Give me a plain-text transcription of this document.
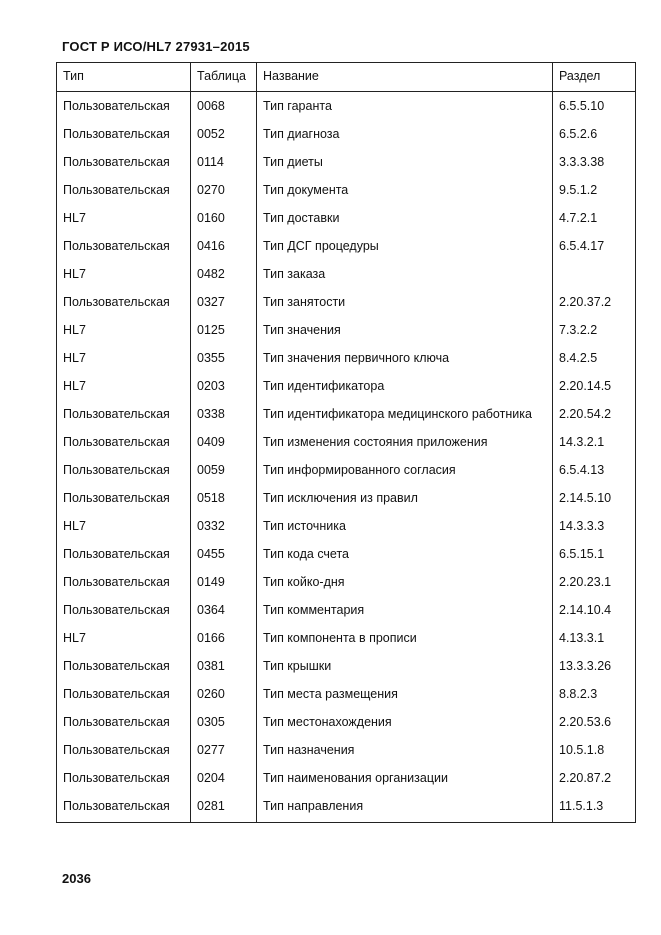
ГОСТ Р ИСО/HL7 27931–2015
Тип	Таблица	Название	Раздел
Пользовательская	0068	Тип гаранта	6.5.5.10
Пользовательская	0052	Тип диагноза	6.5.2.6
Пользовательская	0114	Тип диеты	3.3.3.38
Пользовательская	0270	Тип документа	9.5.1.2
HL7	0160	Тип доставки	4.7.2.1
Пользовательская	0416	Тип ДСГ процедуры	6.5.4.17
HL7	0482	Тип заказа	
Пользовательская	0327	Тип занятости	2.20.37.2
HL7	0125	Тип значения	7.3.2.2
HL7	0355	Тип значения первичного ключа	8.4.2.5
HL7	0203	Тип идентификатора	2.20.14.5
Пользовательская	0338	Тип идентификатора медицинского работника	2.20.54.2
Пользовательская	0409	Тип изменения состояния приложения	14.3.2.1
Пользовательская	0059	Тип информированного согласия	6.5.4.13
Пользовательская	0518	Тип исключения из правил	2.14.5.10
HL7	0332	Тип источника	14.3.3.3
Пользовательская	0455	Тип кода счета	6.5.15.1
Пользовательская	0149	Тип койко-дня	2.20.23.1
Пользовательская	0364	Тип комментария	2.14.10.4
HL7	0166	Тип компонента в прописи	4.13.3.1
Пользовательская	0381	Тип крышки	13.3.3.26
Пользовательская	0260	Тип места размещения	8.8.2.3
Пользовательская	0305	Тип местонахождения	2.20.53.6
Пользовательская	0277	Тип назначения	10.5.1.8
Пользовательская	0204	Тип наименования организации	2.20.87.2
Пользовательская	0281	Тип направления	11.5.1.3
2036
